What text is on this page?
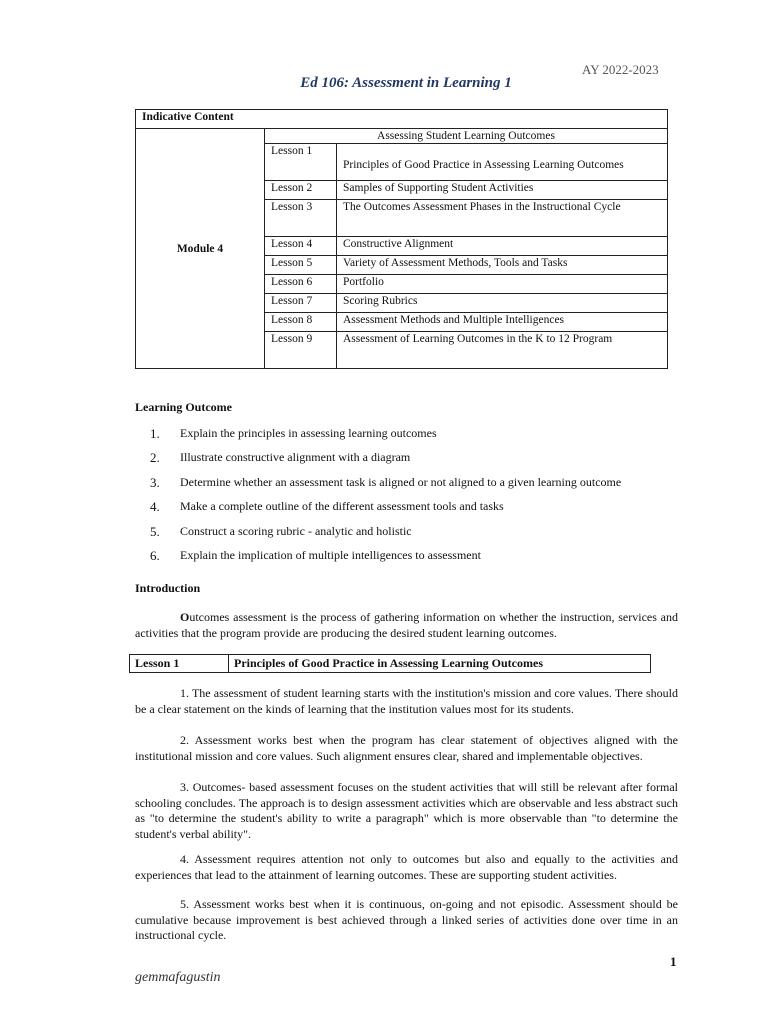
AY 2022-2023
Ed 106: Assessment in Learning 1
Indicative Content		
Module 4	Assessing Student Learning Outcomes	
	Lesson 1	Principles of Good Practice in Assessing Learning Outcomes
	Lesson 2	Samples of Supporting Student Activities
	Lesson 3	The Outcomes Assessment Phases in the Instructional Cycle
	Lesson 4	Constructive Alignment
	Lesson 5	Variety of Assessment Methods, Tools and Tasks
	Lesson 6	Portfolio
	Lesson 7	Scoring Rubrics
	Lesson 8	Assessment Methods and Multiple Intelligences
	Lesson 9	Assessment of Learning Outcomes in the K to 12 Program
Learning Outcome
1.	Explain the principles in assessing learning outcomes
2.	Illustrate constructive alignment with a diagram
3.	Determine whether an assessment task is aligned or not aligned to a given learning outcome
4.	Make a complete outline of the different assessment tools and tasks
5.	Construct a scoring rubric - analytic and holistic
6.	Explain the implication of multiple intelligences to assessment
Introduction

Outcomes assessment is the process of gathering information on whether the instruction, services and activities that the program provide are producing the desired student learning outcomes.

Lesson 1	Principles of Good Practice in Assessing Learning Outcomes

1. The assessment of student learning starts with the institution's mission and core values. There should be a clear statement on the kinds of learning that the institution values most for its students.

2. Assessment works best when the program has clear statement of objectives aligned with the institutional mission and core values. Such alignment ensures clear, shared and implementable objectives.

3. Outcomes- based assessment focuses on the student activities that will still be relevant after formal schooling concludes. The approach is to design assessment activities which are observable and less abstract such as "to determine the student's ability to write a paragraph" which is more observable than "to determine the student's verbal ability".

4. Assessment requires attention not only to outcomes but also and equally to the activities and experiences that lead to the attainment of learning outcomes. These are supporting student activities.

5. Assessment works best when it is continuous, on-going and not episodic. Assessment should be cumulative because improvement is best achieved through a linked series of activities done over time in an instructional cycle.

1
gemmafagustin
